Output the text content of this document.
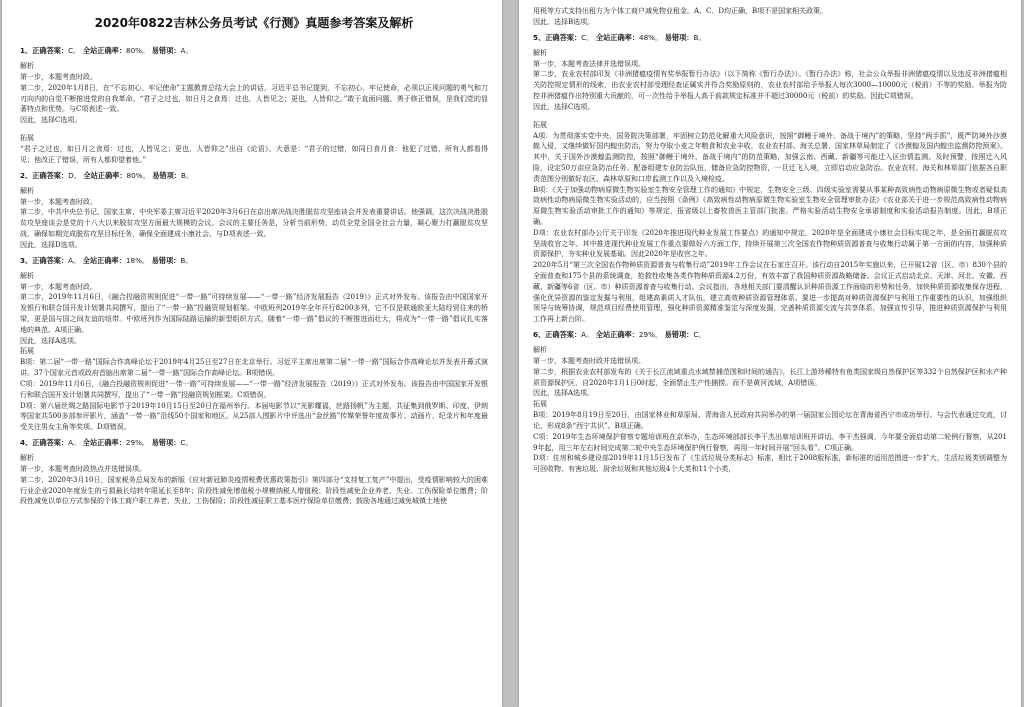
2020年0822吉林公务员考试《行测》真题参考答案及解析
1、正确答案：C。 全站正确率：80%。 易错项：A。

解析

第一步，本题考查时政。

第二步，2020年1月8日，在“不忘初心、牢记使命”主题教育总结大会上的讲话，习近平总书记提到，不忘初心、牢记使命，必须以正视问题的勇气和刀刃向内的自觉不断推进党的自我革命。“君子之过也，如日月之食焉：过也，人皆见之；更也，人皆仰之。”敢于直面问题、勇于修正错误，是我们党的显著特点和优势。与C项表述一致。

因此，选择C选项。

拓展

“君子之过也，如日月之食焉：过也，人皆见之；更也，人皆仰之”出自《论语》。大意是：“君子的过错，如同日食月食：他犯了过错，所有人都看得见；他改正了错误，所有人都仰望着他。”

2、正确答案：D。 全站正确率：80%。 易错项：B。

解析

第一步，本题考查时政。

第二步，中共中央总书记、国家主席、中央军委主席习近平2020年3月6日在京出席决战决胜脱贫攻坚座谈会并发表重要讲话。他强调，这次决战决胜脱贫攻坚座谈会是党的十八大以来脱贫攻坚方面最大规模的会议。会议的主要任务是，分析当前形势，动员全党全国全社会力量，凝心聚力打赢脱贫攻坚战，确保如期完成脱贫攻坚目标任务，确保全面建成小康社会。与D项表述一致。

因此，选择D选项。

3、正确答案：A。 全站正确率：18%。 易错项：B。

解析

第一步，本题考查时政。

第二步，2019年11月6日，《融合投融资规则促进“一带一路”可持续发展——“一带一路”经济发展报告（2019）》正式对外发布。该报告由中国国家开发银行和联合国开发计划署共同撰写，提出了“一带一路”投融资规划框架。中欧班列2019年全年开行8200多列，它不仅是联通欧亚大陆经贸往来的桥梁，更是国与国之间友谊的纽带。中欧班列作为国际陆路运输的新型组织方式，随着“一带一路”倡议的不断推进而壮大，将成为“一带一路”倡议扎实落地的典范。A项正确。

因此，选择A选项。

拓展

B项：第二届“一带一路”国际合作高峰论坛于2019年4月25日至27日在北京举行。习近平主席出席第二届“一带一路”国际合作高峰论坛并发表开幕式演讲。37个国家元首或政府首脑出席第二届“一带一路”国际合作高峰论坛。B项错误。

C项：2019年11月6日，《融合投融资规则促进“一带一路”可持续发展——“一带一路”经济发展报告（2019）》正式对外发布。该报告由中国国家开发银行和联合国开发计划署共同撰写，提出了“一带一路”投融资规划框架。C项错误。

D项：第六届丝绸之路国际电影节于2019年10月15日至20日在福州举行。本届电影节以“光影耀福，丝路扬帆”为主题，共征集到俄罗斯、印度、伊朗等国家共500多部参评影片，涵盖“一带一路”沿线50个国家和地区。从25部入围影片中评选出“金丝路”传媒荣誉年度故事片、动画片、纪录片和年度最受关注男女主角等奖项。D项错误。

4、正确答案：A。 全站正确率：29%。 易错项：C。

解析

第一步，本题考查时政热点并选错误项。

第二步，2020年3月10日，国家税务总局发布的新版《应对新冠肺炎疫情税费优惠政策指引》第四部分“支持复工复产”中提出，受疫情影响较大的困难行业企业2020年度发生的亏损最长结转年限延长至8年；阶段性减免增值税小规模纳税人增值税；阶段性减免企业养老、失业、工伤保险单位缴费；阶段性减免以单位方式参保的个体工商户职工养老、失业、工伤保险；阶段性减征职工基本医疗保险单位缴费；鼓励各地通过减免城镇土地使

用税等方式支持出租方为个体工商户减免物业租金。A、C、D均正确，B项不是国家相关政策。

因此，选择B选项。

5、正确答案：C。 全站正确率：48%。 易错项：B。

解析

第一步，本题考查法律并选错误项。

第二步，农业农村部印发《非洲猪瘟疫情有奖举报暂行办法》（以下简称《暂行办法》）。《暂行办法》称，社会公众举报非洲猪瘟疫情以及违反非洲猪瘟相关防控规定情形的线索，由农业农村部受理经查证属实并符合奖励原则的，农业农村部给予举报人每次3000—10000元（税前）不等的奖励。举报为防控非洲猪瘟作出特别重大贡献的，可一次性给予举报人高于前款规定标准并不超过30000元（税前）的奖励。因此C项错误。

因此，选择C选项。

拓展

A项：为贯彻落实党中央、国务院决策部署，牢固树立防范化解重大风险意识，按照“御鳗于境外、备战于境内”的策略，坚持“两手抓”，既严防境外沙漠蝗入侵，又继续做好国内蝗虫防治，努力夺取小麦之年粮食和农业丰收，农业农村部、海关总署、国家林草局制定了《沙漠蝗及国内蝗虫监测防控预案》。其中，关于国外沙漠蝗监测防控，按照“御鳗于境外、备战于境内”的防范策略，加强云南、西藏、新疆等可能迁入区虫情监测、及时预警，按照迁入风险，设定50万亩应急防治任务。配备组建专业防治队伍，储备应急防控物资，一旦迁飞入境，立即启动应急防治。农业农村、海关和林草部门依据各自职责范围分别做好农区、森林草原和口岸监测工作以及入境检疫。

B项：《关于加强动物病原微生物实验室生物安全管理工作的通知》中规定，生物安全三级、四级实验室需要从事某种高致病性动物病原微生物或者疑似高致病性动物病原微生物实验活动的，应当按照《条例》《高致病性动物病原微生物实验室生物安全管理审批办法》《农业部关于进一步规范高致病性动物病原微生物实验活动审批工作的通知》等规定，报省级以上畜牧兽医主管部门批准。严格实验活动生物安全承诺制度和实验活动报告制度。因此，B项正确。

D项：农业农村部办公厅关于印发《2020年推进现代种业发展工作要点》的通知中规定，2020年是全面建成小康社会目标实现之年，是全面打赢脱贫攻坚战收官之年。其中推进现代种业发展工作重点要做好六方面工作，持续开展第三次全国农作物种质资源普查与收集行动属于第一方面的内容，加强种质资源保护，夯实种业发展基础。因此2020年是收官之年。

2020年5月“第三次全国农作物种质资源普查与收集行动”2019年工作会议在石家庄召开。该行动自2015年实施以来，已开展12省（区、市）830个县的全面普查和175个县的系统调查，抢救性收集各类作物种质资源4.2万份，有效丰富了我国种质资源战略储备。会议正式启动北京、天津、河北、安徽、西藏、新疆等6省（区、市）种质资源普查与收集行动。会议指出，各地相关部门要清醒认识种质资源工作面临的形势和任务，加快种质资源收集保存进程，强化优异资源的鉴定发掘与利用，组建高素质人才队伍，建立高效种质资源管理体系。要进一步提高对种质资源保护与利用工作重要性的认识，加强组织领导与统筹协调，规范项目经费使用管理，强化种质资源精准鉴定与深度发掘，完善种质资源交流与共享体系，加强宣传引导，推进种质资源保护与利用工作再上新台阶。

6、正确答案：A。 全站正确率：29%。 易错项：C。

解析

第一步，本题考查时政并选错误项。

第二步，根据农业农村部发布的《关于长江流域重点水域禁捕范围和时间的通告》，长江上游珍稀特有鱼类国家级自然保护区等332个自然保护区和水产种质资源保护区，自2020年1月1日0时起，全面禁止生产性捕捞。而不是黄河流域，A项错误。

因此，选择A选项。

拓展

B项：2019年8月19日至20日，由国家林业和草原局、青海省人民政府共同举办的第一届国家公园论坛在青海省西宁市成功举行。与会代表通过交流，讨论、形成8条“西宁共识”。B项正确。

C项：2019年生态环境保护督察专题培训班在京举办，生态环境部部长李干杰出席培训班并讲话。李干杰强调，今年要全面启动第二轮例行督察，从2019年起，用三年左右时间完成第二轮中央生态环境保护例行督察，再用一年时间开展“回头看”。C项正确。

D项：住房和城乡建设部2019年11月15日发布了《生活垃圾分类标志》标准，相比于2008版标准，新标准的适用范围进一步扩大，生活垃圾类别调整为可回收物、有害垃圾、厨余垃圾和其他垃圾4个大类和11个小类，
